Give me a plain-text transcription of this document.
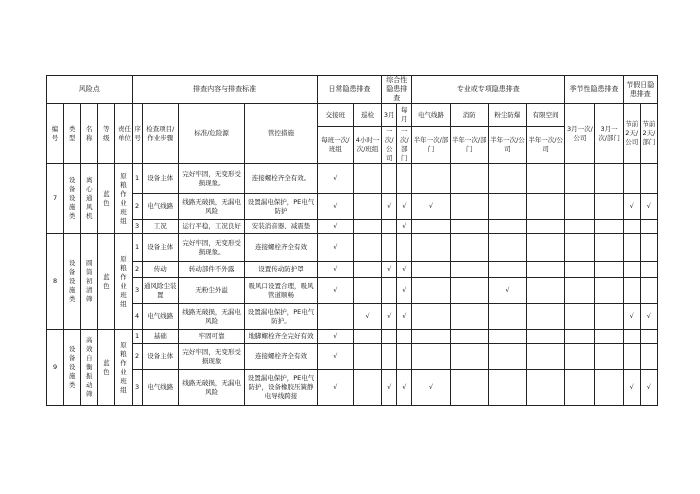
风险点					排查内容与排查标准				日常隐患排查		综合性隐患排查		专业或专项隐患排查				季节性隐患排查		节假日隐患排查	
编号	类型	名称	等级	责任单位	序号	检查项目/作业步骤	标准/危险源	管控措施	交接班	巡检	3月	每月	电气线路	消防	粉尘防爆	有限空间	3月一次/公司	3月一次/部门	节前2天/公司	节前2天/部门
									每班一次/班组	4小时一次/班组	一次/公司	一次/部门	半年一次/部门	半年一次/部门	半年一次/公司	半年一次/公司				
7	设备设施类	离心通风机	蓝色	原粮作业班组	1	设备主体	完好牢固，无变形受损现象。	连接螺栓齐全有效。	√											
					2	电气线路	线路无破损，无漏电风险	设置漏电保护，PE电气防护	√		√	√	√						√	√
					3	工况	运行平稳，工况良好	安装消音器、减震垫	√			√								
8	设备设施类	圆筒初清筛	蓝色	原粮作业班组	1	设备主体	完好牢固，无变形受损现象。	连接螺栓齐全有效	√											
					2	传动	转动部件不外露	设置传动防护罩	√		√	√								
					3	通风除尘装置	无粉尘外溢	吸风口设置合理，吸风管道顺畅	√			√			√					
					4	电气线路	线路无破损，无漏电风险	设置漏电保护，PE电气防护。		√	√	√							√	√
9	设备设施类	高效自衡振动筛	蓝色	原粮作业班组	1	基础	牢固可靠	地脚螺栓齐全完好有效	√											
					2	设备主体	完好牢固，无变形受损现象	连接螺栓齐全有效	√											
					3	电气线路	线路无破损，无漏电风险	设置漏电保护，PE电气防护，设备橡胶压簧静电导线跨接	√		√	√	√						√	√
